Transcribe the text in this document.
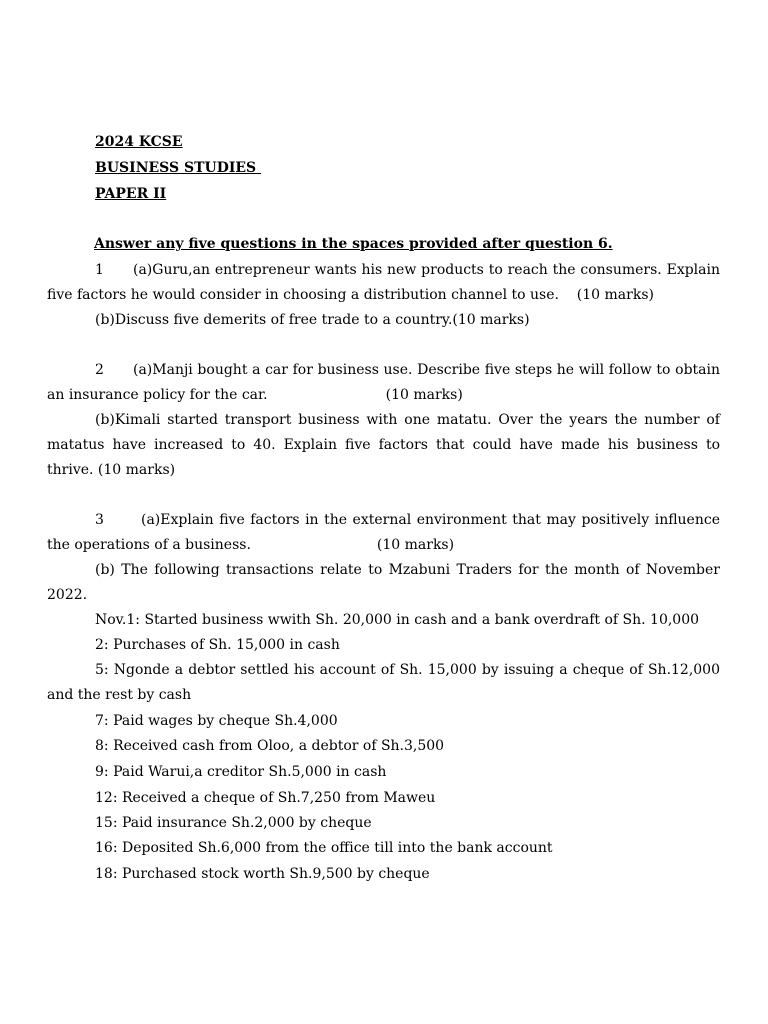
2024 KCSE
BUSINESS STUDIES
PAPER II
Answer any five questions in the spaces provided after question 6.

1 (a)Guru,an entrepreneur wants his new products to reach the consumers. Explain five factors he would consider in choosing a distribution channel to use. (10 marks)

(b)Discuss five demerits of free trade to a country.(10 marks)

2 (a)Manji bought a car for business use. Describe five steps he will follow to obtain an insurance policy for the car.	(10 marks)

(b)Kimali started transport business with one matatu. Over the years the number of matatus have increased to 40. Explain five factors that could have made his business to thrive. (10 marks)

3	(a)Explain five factors in the external environment that may positively influence the operations of a business.	(10 marks)

(b) The following transactions relate to Mzabuni Traders for the month of November 2022.

Nov.1: Started business wwith Sh. 20,000 in cash and a bank overdraft of Sh. 10,000
2: Purchases of Sh. 15,000 in cash

5: Ngonde a debtor settled his account of Sh. 15,000 by issuing a cheque of Sh.12,000 and the rest by cash

7: Paid wages by cheque Sh.4,000
8: Received cash from Oloo, a debtor of Sh.3,500
9: Paid Warui,a creditor Sh.5,000 in cash
12: Received a cheque of Sh.7,250 from Maweu
15: Paid insurance Sh.2,000 by cheque
16: Deposited Sh.6,000 from the office till into the bank account
18: Purchased stock worth Sh.9,500 by cheque
